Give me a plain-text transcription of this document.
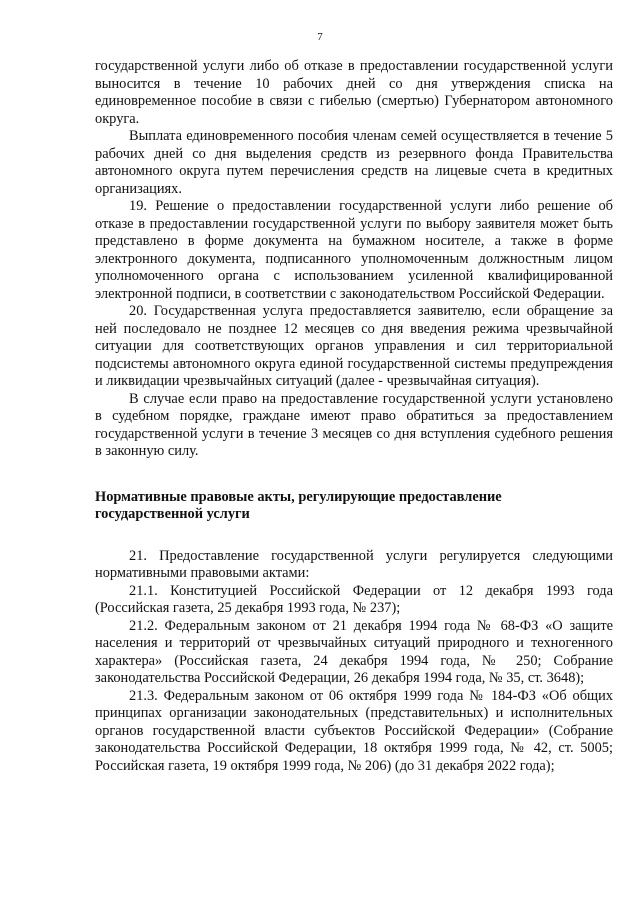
7

государственной услуги либо об отказе в предоставлении государственной услуги выносится в течение 10 рабочих дней со дня утверждения списка на единовременное пособие в связи с гибелью (смертью) Губернатором автономного округа.

Выплата единовременного пособия членам семей осуществляется в течение 5 рабочих дней со дня выделения средств из резервного фонда Правительства автономного округа путем перечисления средств на лицевые счета в кредитных организациях.

19. Решение о предоставлении государственной услуги либо решение об отказе в предоставлении государственной услуги по выбору заявителя может быть представлено в форме документа на бумажном носителе, а также в форме электронного документа, подписанного уполномоченным должностным лицом уполномоченного органа с использованием усиленной квалифицированной электронной подписи, в соответствии с законодательством Российской Федерации.

20. Государственная услуга предоставляется заявителю, если обращение за ней последовало не позднее 12 месяцев со дня введения режима чрезвычайной ситуации для соответствующих органов управления и сил территориальной подсистемы автономного округа единой государственной системы предупреждения и ликвидации чрезвычайных ситуаций (далее - чрезвычайная ситуация).

В случае если право на предоставление государственной услуги установлено в судебном порядке, граждане имеют право обратиться за предоставлением государственной услуги в течение 3 месяцев со дня вступления судебного решения в законную силу.

Нормативные правовые акты, регулирующие предоставление

государственной услуги

21. Предоставление государственной услуги регулируется следующими нормативными правовыми актами:

21.1. Конституцией Российской Федерации от 12 декабря 1993 года (Российская газета, 25 декабря 1993 года, № 237);

21.2. Федеральным законом от 21 декабря 1994 года № 68-ФЗ «О защите населения и территорий от чрезвычайных ситуаций природного и техногенного характера» (Российская газета, 24 декабря 1994 года, № 250; Собрание законодательства Российской Федерации, 26 декабря 1994 года, № 35, ст. 3648);

21.3. Федеральным законом от 06 октября 1999 года № 184-ФЗ «Об общих принципах организации законодательных (представительных) и исполнительных органов государственной власти субъектов Российской Федерации» (Собрание законодательства Российской Федерации, 18 октября 1999 года, № 42, ст. 5005; Российская газета, 19 октября 1999 года, № 206) (до 31 декабря 2022 года);
